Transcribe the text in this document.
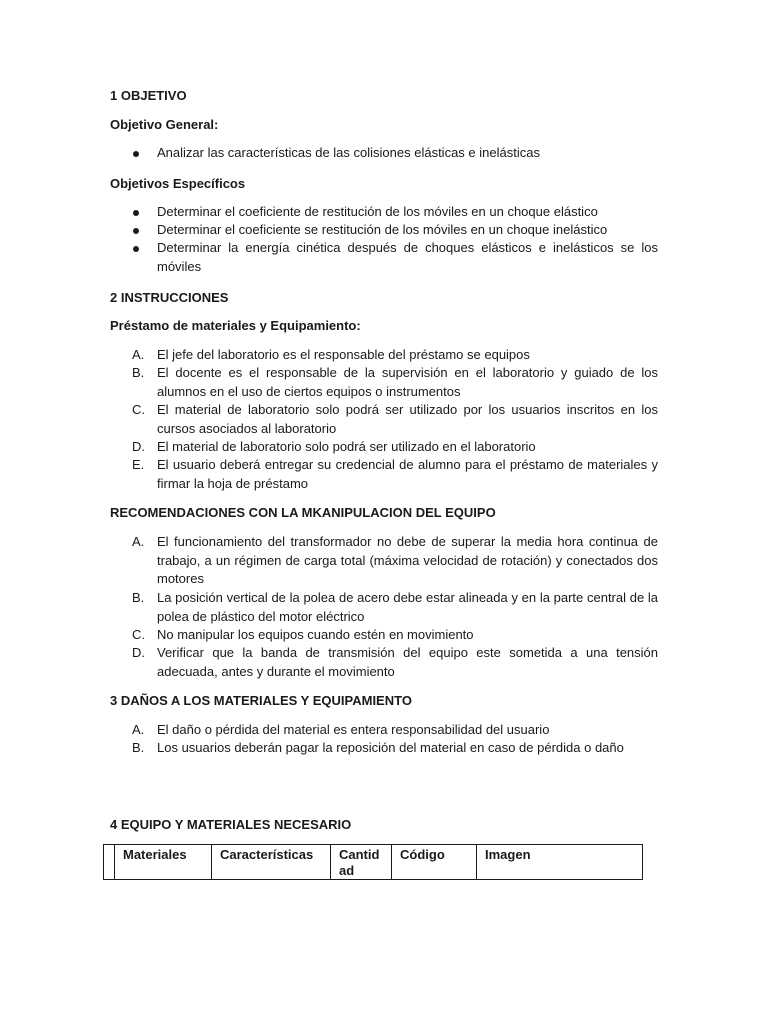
1 OBJETIVO
Objetivo General:
Analizar las características de las colisiones elásticas e inelásticas
Objetivos Específicos
Determinar el coeficiente de restitución de los móviles en un choque elástico
Determinar el coeficiente se restitución de los móviles en un choque inelástico
Determinar la energía cinética después de choques elásticos e inelásticos se los móviles
2 INSTRUCCIONES
Préstamo de materiales y Equipamiento:
A. El jefe del laboratorio es el responsable del préstamo se equipos
B. El docente es el responsable de la supervisión en el laboratorio y guiado de los alumnos en el uso de ciertos equipos o instrumentos
C. El material de laboratorio solo podrá ser utilizado por los usuarios inscritos en los cursos asociados al laboratorio
D. El material de laboratorio solo podrá ser utilizado en el laboratorio
E. El usuario deberá entregar su credencial de alumno para el préstamo de materiales y firmar la hoja de préstamo
RECOMENDACIONES CON LA MKANIPULACION DEL EQUIPO
A. El funcionamiento del transformador no debe de superar la media hora continua de trabajo, a un régimen de carga total (máxima velocidad de rotación) y conectados dos motores
B. La posición vertical de la polea de acero debe estar alineada y en la parte central de la polea de plástico del motor eléctrico
C. No manipular los equipos cuando estén en movimiento
D. Verificar que la banda de transmisión del equipo este sometida a una tensión adecuada, antes y durante el movimiento
3 DAÑOS A LOS MATERIALES Y EQUIPAMIENTO
A. El daño o pérdida del material es entera responsabilidad del usuario
B. Los usuarios deberán pagar la reposición del material en caso de pérdida o daño
4 EQUIPO Y MATERIALES NECESARIO
	Materiales	Características	Cantidad	Código	Imagen
